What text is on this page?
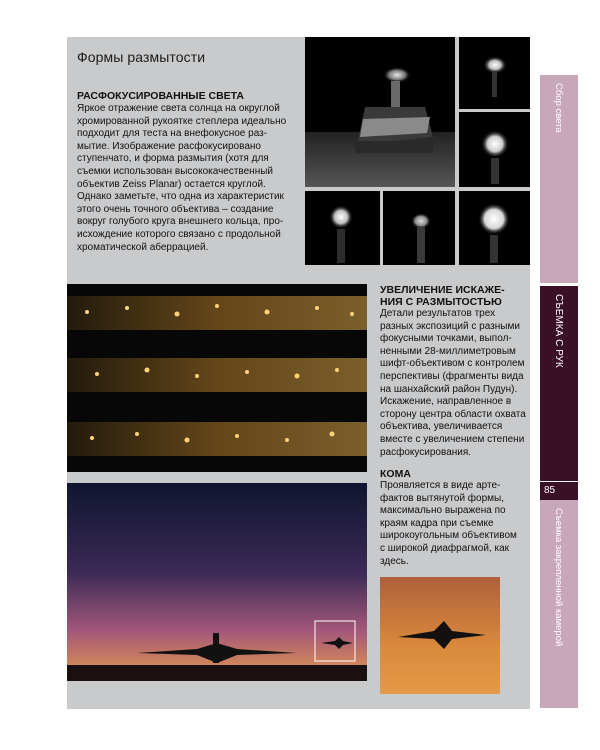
Формы размытости
РАСФОКУСИРОВАННЫЕ СВЕТА
Яркое отражение света солнца на округлой
хромированной рукоятке степлера идеально
подходит для теста на внефокусное раз-
мытие. Изображение расфокусировано
ступенчато, и форма размытия (хотя для
съемки использован высококачественный
объектив Zeiss Planar) остается круглой.
Однако заметьте, что одна из характеристик
этого очень точного объектива – создание
вокруг голубого круга внешнего кольца, про-
исхождение которого связано с продольной
хроматической аберрацией.
УВЕЛИЧЕНИЕ ИСКАЖЕ-
НИЯ С РАЗМЫТОСТЬЮ
Детали результатов трех
разных экспозиций с разными
фокусными точками, выпол-
ненными 28-миллиметровым
шифт-объективом с контролем
перспективы (фрагменты вида
на шанхайский район Пудун).
Искажение, направленное в
сторону центра области охвата
объектива, увеличивается
вместе с увеличением степени
расфокусирования.
КОМА
Проявляется в виде арте-
фактов вытянутой формы,
максимально выражена по
краям кадра при съемке
широкоугольным объективом
с широкой диафрагмой, как
здесь.
Сбор света
СЪЕМКА С РУК
85
Съемка закрепленной камерой
